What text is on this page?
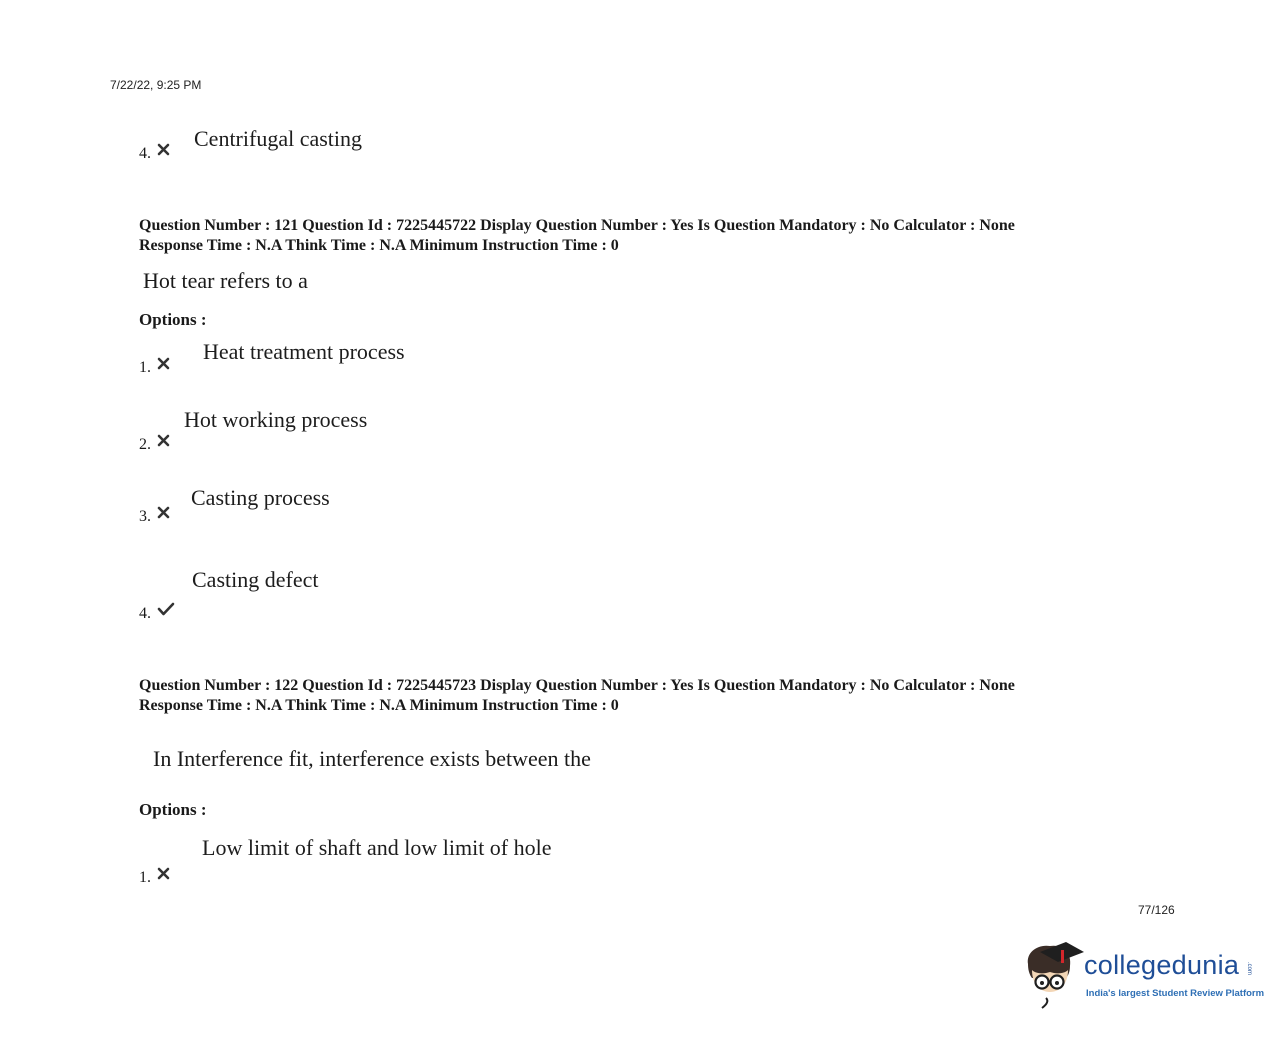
7/22/22, 9:25 PM
4.
Centrifugal casting
Question Number : 121 Question Id : 7225445722 Display Question Number : Yes Is Question Mandatory : No Calculator : None
Response Time : N.A Think Time : N.A Minimum Instruction Time : 0
Hot tear refers to a
Options :
1.
Heat treatment process
2.
Hot working process
3.
Casting process
4.
Casting defect
Question Number : 122 Question Id : 7225445723 Display Question Number : Yes Is Question Mandatory : No Calculator : None
Response Time : N.A Think Time : N.A Minimum Instruction Time : 0
In Interference fit, interference exists between the
Options :
1.
Low limit of shaft and low limit of hole
77/126
collegedunia .com
India's largest Student Review Platform
